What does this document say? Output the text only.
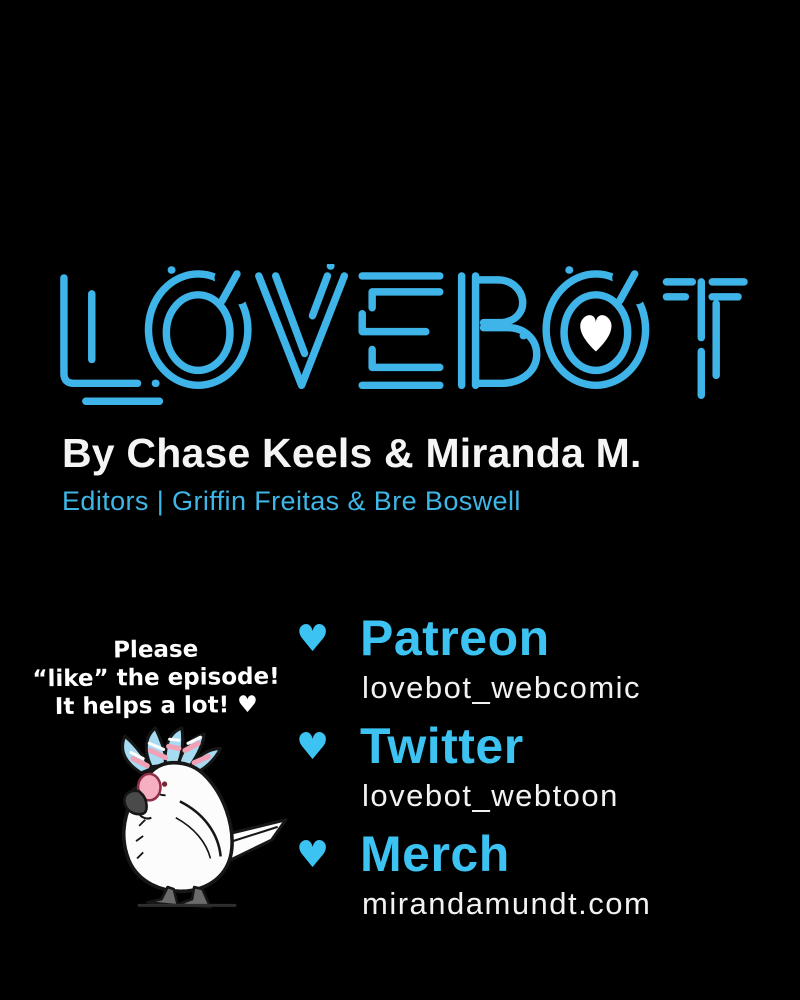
By Chase Keels & Miranda M.
Editors | Griffin Freitas & Bre Boswell
Please
“like” the episode!
It helps a lot! ♥
♥ Patreon
lovebot_webcomic
♥ Twitter
lovebot_webtoon
♥ Merch
mirandamundt.com
